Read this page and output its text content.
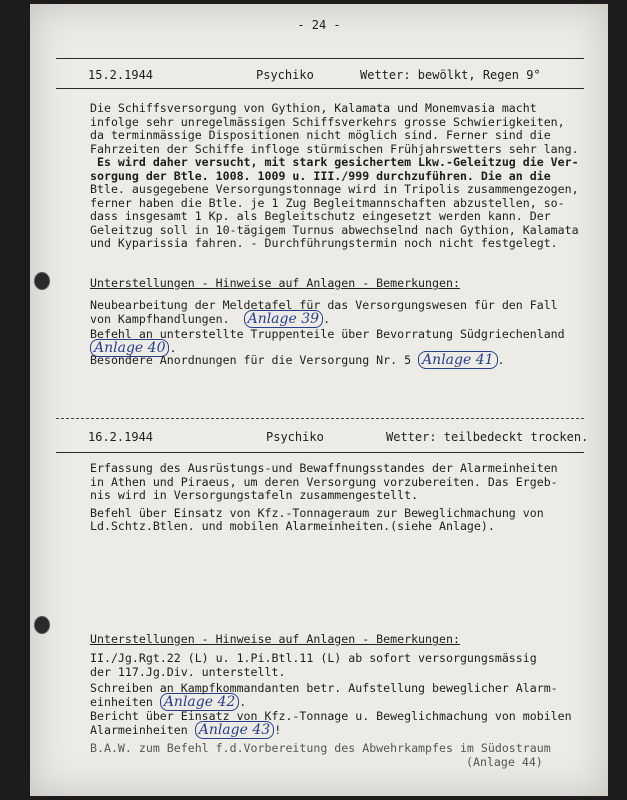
- 24 -
15.2.1944	Psychiko	Wetter: bewölkt, Regen 9°
Die Schiffsversorgung von Gythion, Kalamata und Monemvasia macht
infolge sehr unregelmässigen Schiffsverkehrs grosse Schwierigkeiten,
da terminmässige Dispositionen nicht möglich sind. Ferner sind die
Fahrzeiten der Schiffe infloge stürmischen Frühjahrswetters sehr lang.
Es wird daher versucht, mit stark gesichertem Lkw.-Geleitzug die Ver-
sorgung der Btle. 1008. 1009 u. III./999 durchzuführen. Die an die
Btle. ausgegebene Versorgungstonnage wird in Tripolis zusammengezogen,
ferner haben die Btle. je 1 Zug Begleitmannschaften abzustellen, so-
dass insgesamt 1 Kp. als Begleitschutz eingesetzt werden kann. Der
Geleitzug soll in 10-tägigem Turnus abwechselnd nach Gythion, Kalamata
und Kyparissia fahren. - Durchführungstermin noch nicht festgelegt.
Unterstellungen - Hinweise auf Anlagen - Bemerkungen:
Neubearbeitung der Meldetafel für das Versorgungswesen für den Fall
von Kampfhandlungen. Anlage 39 .
Befehl an unterstellte Truppenteile über Bevorratung Südgriechenland
Anlage 40 .
Besondere Anordnungen für die Versorgung Nr. 5 Anlage 41 .
16.2.1944	Psychiko	Wetter: teilbedeckt trocken.
Erfassung des Ausrüstungs-und Bewaffnungsstandes der Alarmeinheiten
in Athen und Piraeus, um deren Versorgung vorzubereiten. Das Ergeb-
nis wird in Versorgungstafeln zusammengestellt.
Befehl über Einsatz von Kfz.-Tonnageraum zur Beweglichmachung von
Ld.Schtz.Btlen. und mobilen Alarmeinheiten.(siehe Anlage).
Unterstellungen - Hinweise auf Anlagen - Bemerkungen:
II./Jg.Rgt.22 (L) u. 1.Pi.Btl.11 (L) ab sofort versorgungsmässig
der 117.Jg.Div. unterstellt.
Schreiben an Kampfkommandanten betr. Aufstellung beweglicher Alarm-
einheiten Anlage 42 .
Bericht über Einsatz von Kfz.-Tonnage u. Beweglichmachung von mobilen
Alarmeinheiten Anlage 43 !
B.A.W. zum Befehl f.d.Vorbereitung des Abwehrkampfes im Südostraum
(Anlage 44)
